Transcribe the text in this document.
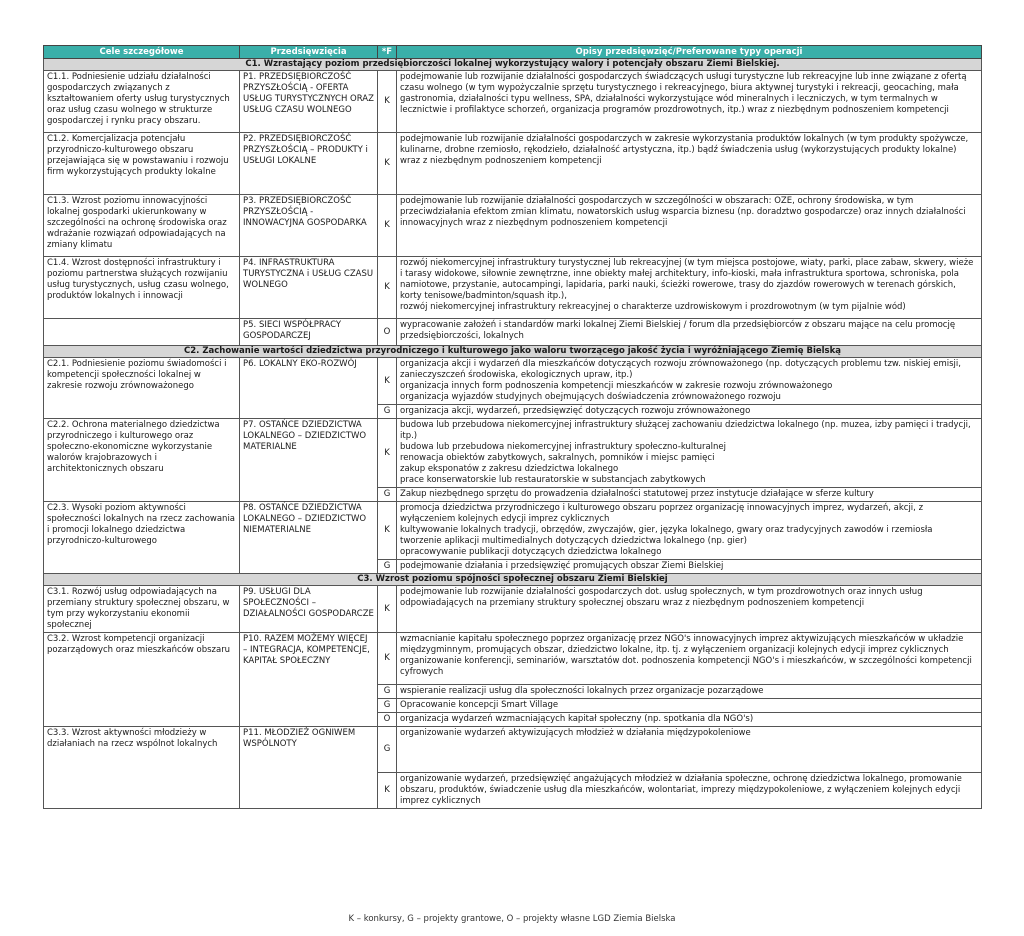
Cele szczegółowe	Przedsięwzięcia	*F	Opisy przedsięwzięć/Preferowane typy operacji
C1. Wzrastający poziom przedsiębiorczości lokalnej wykorzystujący walory i potencjały obszaru Ziemi Bielskiej.			
C1.1. Podniesienie udziału działalności gospodarczych związanych z kształtowaniem oferty usług turystycznych oraz usług czasu wolnego w strukturze gospodarczej i rynku pracy obszaru.	P1. PRZEDSIĘBIORCZOŚĆ PRZYSZŁOŚCIĄ - OFERTA USŁUG TURYSTYCZNYCH ORAZ USŁUG CZASU WOLNEGO	K	podejmowanie lub rozwijanie działalności gospodarczych świadczących usługi turystyczne lub rekreacyjne lub inne związane z ofertą czasu wolnego (w tym wypożyczalnie sprzętu turystycznego i rekreacyjnego, biura aktywnej turystyki i rekreacji, geocaching, mała gastronomia, działalności typu wellness, SPA, działalności wykorzystujące wód mineralnych i leczniczych, w tym termalnych w lecznictwie i profilaktyce schorzeń, organizacja programów prozdrowotnych, itp.) wraz z niezbędnym podnoszeniem kompetencji

C1.2. Komercjalizacja potencjału przyrodniczo-kulturowego obszaru przejawiająca się w powstawaniu i rozwoju firm wykorzystujących produkty lokalne	P2. PRZEDSIĘBIORCZOŚĆ PRZYSZŁOŚCIĄ – PRODUKTY i USŁUGI LOKALNE	K	podejmowanie lub rozwijanie działalności gospodarczych w zakresie wykorzystania produktów lokalnych (w tym produkty spożywcze, kulinarne, drobne rzemiosło, rękodzieło, działalność artystyczna, itp.) bądź świadczenia usług (wykorzystujących produkty lokalne) wraz z niezbędnym podnoszeniem kompetencji

C1.3. Wzrost poziomu innowacyjności lokalnej gospodarki ukierunkowany w szczególności na ochronę środowiska oraz wdrażanie rozwiązań odpowiadających na zmiany klimatu	P3. PRZEDSIĘBIORCZOŚĆ PRZYSZŁOŚCIĄ - INNOWACYJNA GOSPODARKA	K	podejmowanie lub rozwijanie działalności gospodarczych w szczególności w obszarach: OZE, ochrony środowiska, w tym przeciwdziałania efektom zmian klimatu, nowatorskich usług wsparcia biznesu (np. doradztwo gospodarcze) oraz innych działalności innowacyjnych wraz z niezbędnym podnoszeniem kompetencji

C1.4. Wzrost dostępności infrastruktury i poziomu partnerstwa służących rozwijaniu usług turystycznych, usług czasu wolnego, produktów lokalnych i innowacji	P4. INFRASTRUKTURA TURYSTYCZNA i USŁUG CZASU WOLNEGO	K	rozwój niekomercyjnej infrastruktury turystycznej lub rekreacyjnej (w tym miejsca postojowe, wiaty, parki, place zabaw, skwery, wieże i tarasy widokowe, siłownie zewnętrzne, inne obiekty małej architektury, info-kioski, mała infrastruktura sportowa, schroniska, pola namiotowe, przystanie, autocampingi, lapidaria, parki nauki, ścieżki rowerowe, trasy do zjazdów rowerowych w terenach górskich, korty tenisowe/badminton/squash itp.),
rozwój niekomercyjnej infrastruktury rekreacyjnej o charakterze uzdrowiskowym i prozdrowotnym (w tym pijalnie wód)

	P5. SIECI WSPÓŁPRACY GOSPODARCZEJ	O	wypracowanie założeń i standardów marki lokalnej Ziemi Bielskiej / forum dla przedsiębiorców z obszaru mające na celu promocję przedsiębiorczości, lokalnych

C2. Zachowanie wartości dziedzictwa przyrodniczego i kulturowego jako waloru tworzącego jakość życia i wyróżniającego Ziemię Bielską			
C2.1. Podniesienie poziomu świadomości i kompetencji społeczności lokalnej w zakresie rozwoju zrównoważonego	P6. LOKALNY EKO-ROZWÓJ	K	organizacja akcji i wydarzeń dla mieszkańców dotyczących rozwoju zrównoważonego (np. dotyczących problemu tzw. niskiej emisji, zanieczyszczeń środowiska, ekologicznych upraw, itp.)
organizacja innych form podnoszenia kompetencji mieszkańców w zakresie rozwoju zrównoważonego
organizacja wyjazdów studyjnych obejmujących doświadczenia zrównoważonego rozwoju

		G	organizacja akcji, wydarzeń, przedsięwzięć dotyczących rozwoju zrównoważonego
C2.2. Ochrona materialnego dziedzictwa przyrodniczego i kulturowego oraz społeczno-ekonomiczne wykorzystanie walorów krajobrazowych i architektonicznych obszaru	P7. OSTAŃCE DZIEDZICTWA LOKALNEGO – DZIEDZICTWO MATERIALNE	K	budowa lub przebudowa niekomercyjnej infrastruktury służącej zachowaniu dziedzictwa lokalnego (np. muzea, izby pamięci i tradycji, itp.)
budowa lub przebudowa niekomercyjnej infrastruktury społeczno-kulturalnej
renowacja obiektów zabytkowych, sakralnych, pomników i miejsc pamięci
zakup eksponatów z zakresu dziedzictwa lokalnego
prace konserwatorskie lub restauratorskie w substancjach zabytkowych

		G	Zakup niezbędnego sprzętu do prowadzenia działalności statutowej przez instytucje działające w sferze kultury
C2.3. Wysoki poziom aktywności społeczności lokalnych na rzecz zachowania i promocji lokalnego dziedzictwa przyrodniczo-kulturowego	P8. OSTAŃCE DZIEDZICTWA LOKALNEGO – DZIEDZICTWO NIEMATERIALNE	K	promocja dziedzictwa przyrodniczego i kulturowego obszaru poprzez organizację innowacyjnych imprez, wydarzeń, akcji, z wyłączeniem kolejnych edycji imprez cyklicznych
kultywowanie lokalnych tradycji, obrzędów, zwyczajów, gier, języka lokalnego, gwary oraz tradycyjnych zawodów i rzemiosła
tworzenie aplikacji multimedialnych dotyczących dziedzictwa lokalnego (np. gier)
opracowywanie publikacji dotyczących dziedzictwa lokalnego

		G	podejmowanie działania i przedsięwzięć promujących obszar Ziemi Bielskiej
C3. Wzrost poziomu spójności społecznej obszaru Ziemi Bielskiej			
C3.1. Rozwój usług odpowiadających na przemiany struktury społecznej obszaru, w tym przy wykorzystaniu ekonomii społecznej	P9. USŁUGI DLA SPOŁECZNOŚCI – DZIAŁALNOŚCI GOSPODARCZE	K	podejmowanie lub rozwijanie działalności gospodarczych dot. usług społecznych, w tym prozdrowotnych oraz innych usług odpowiadających na przemiany struktury społecznej obszaru wraz z niezbędnym podnoszeniem kompetencji

C3.2. Wzrost kompetencji organizacji pozarządowych oraz mieszkańców obszaru	P10. RAZEM MOŻEMY WIĘCEJ – INTEGRACJA, KOMPETENCJE, KAPITAŁ SPOŁECZNY	K	wzmacnianie kapitału społecznego poprzez organizację przez NGO's innowacyjnych imprez aktywizujących mieszkańców w układzie międzygminnym, promujących obszar, dziedzictwo lokalne, itp. tj. z wyłączeniem organizacji kolejnych edycji imprez cyklicznych
organizowanie konferencji, seminariów, warsztatów dot. podnoszenia kompetencji NGO's i mieszkańców, w szczególności kompetencji cyfrowych

		G	wspieranie realizacji usług dla społeczności lokalnych przez organizacje pozarządowe
		G	Opracowanie koncepcji Smart Village
		O	organizacja wydarzeń wzmacniających kapitał społeczny (np. spotkania dla NGO's)
C3.3. Wzrost aktywności młodzieży w działaniach na rzecz wspólnot lokalnych	P11. MŁODZIEŻ OGNIWEM WSPÓLNOTY	G	organizowanie wydarzeń aktywizujących młodzież w działania międzypokoleniowe

		K	organizowanie wydarzeń, przedsięwzięć angażujących młodzież w działania społeczne, ochronę dziedzictwa lokalnego, promowanie obszaru, produktów, świadczenie usług dla mieszkańców, wolontariat, imprezy międzypokoleniowe, z wyłączeniem kolejnych edycji imprez cyklicznych
K – konkursy, G – projekty grantowe, O – projekty własne LGD Ziemia Bielska
